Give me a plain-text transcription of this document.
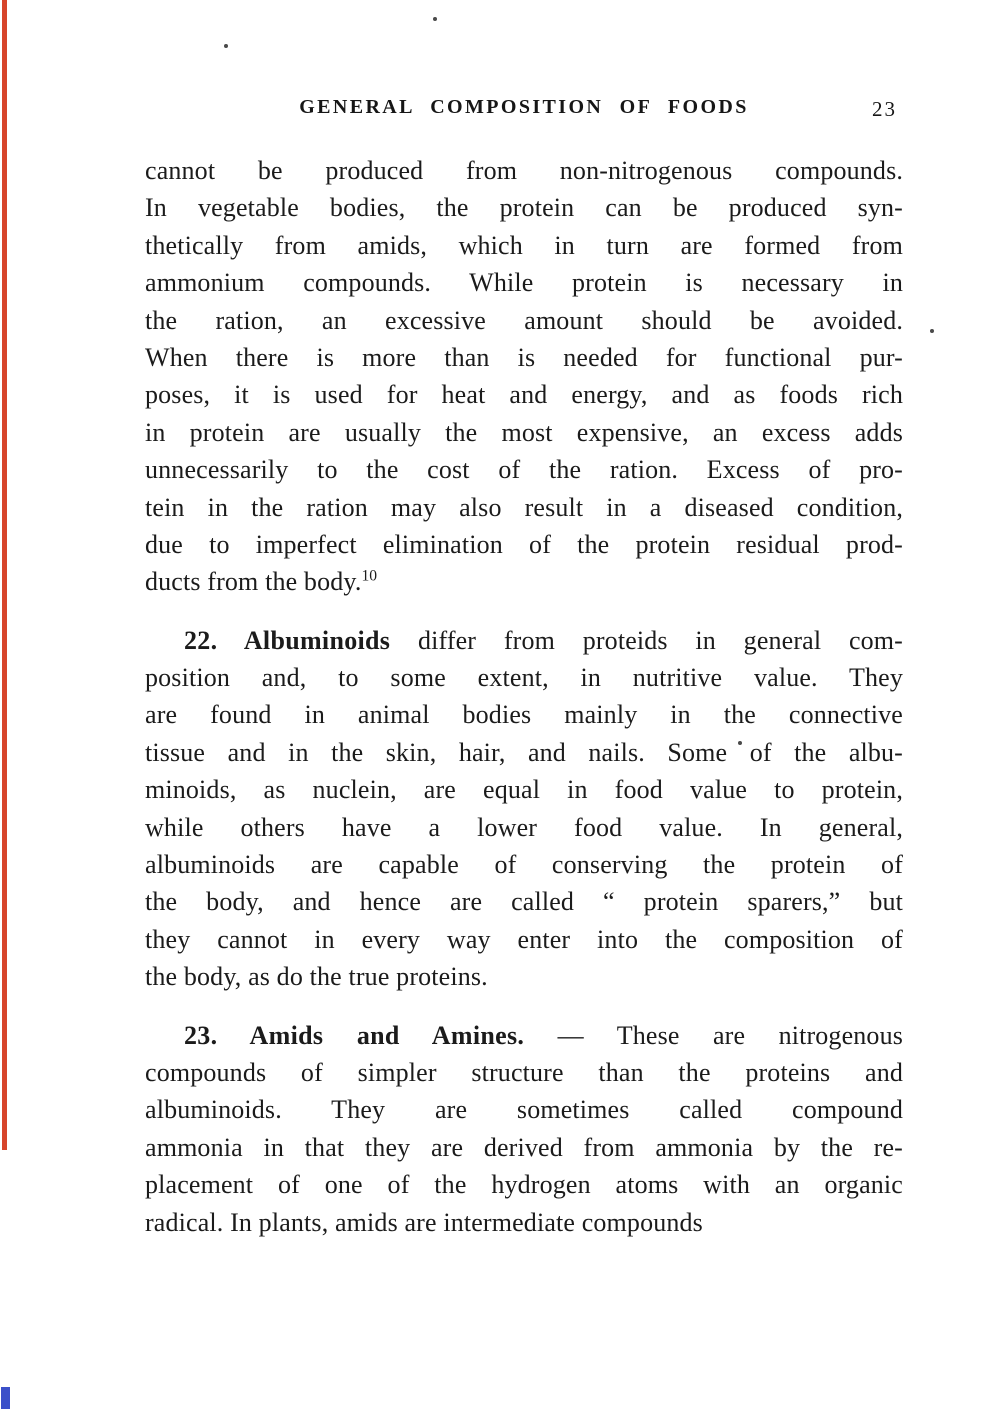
GENERAL COMPOSITION OF FOODS	23
cannot be produced from non-nitrogenous compounds.
In vegetable bodies, the protein can be produced syn-
thetically from amids, which in turn are formed from
ammonium compounds. While protein is necessary in
the ration, an excessive amount should be avoided.
When there is more than is needed for functional pur-
poses, it is used for heat and energy, and as foods rich
in protein are usually the most expensive, an excess adds
unnecessarily to the cost of the ration. Excess of pro-
tein in the ration may also result in a diseased condition,
due to imperfect elimination of the protein residual prod-
ducts from the body.$^{10}$
22. Albuminoids differ from proteids in general com-
position and, to some extent, in nutritive value. They
are found in animal bodies mainly in the connective
tissue and in the skin, hair, and nails. Some of the albu-
minoids, as nuclein, are equal in food value to protein,
while others have a lower food value. In general,
albuminoids are capable of conserving the protein of
the body, and hence are called “ protein sparers,” but
they cannot in every way enter into the composition of
the body, as do the true proteins.
23. Amids and Amines. — These are nitrogenous
compounds of simpler structure than the proteins and
albuminoids. They are sometimes called compound
ammonia in that they are derived from ammonia by the re-
placement of one of the hydrogen atoms with an organic
radical. In plants, amids are intermediate compounds
